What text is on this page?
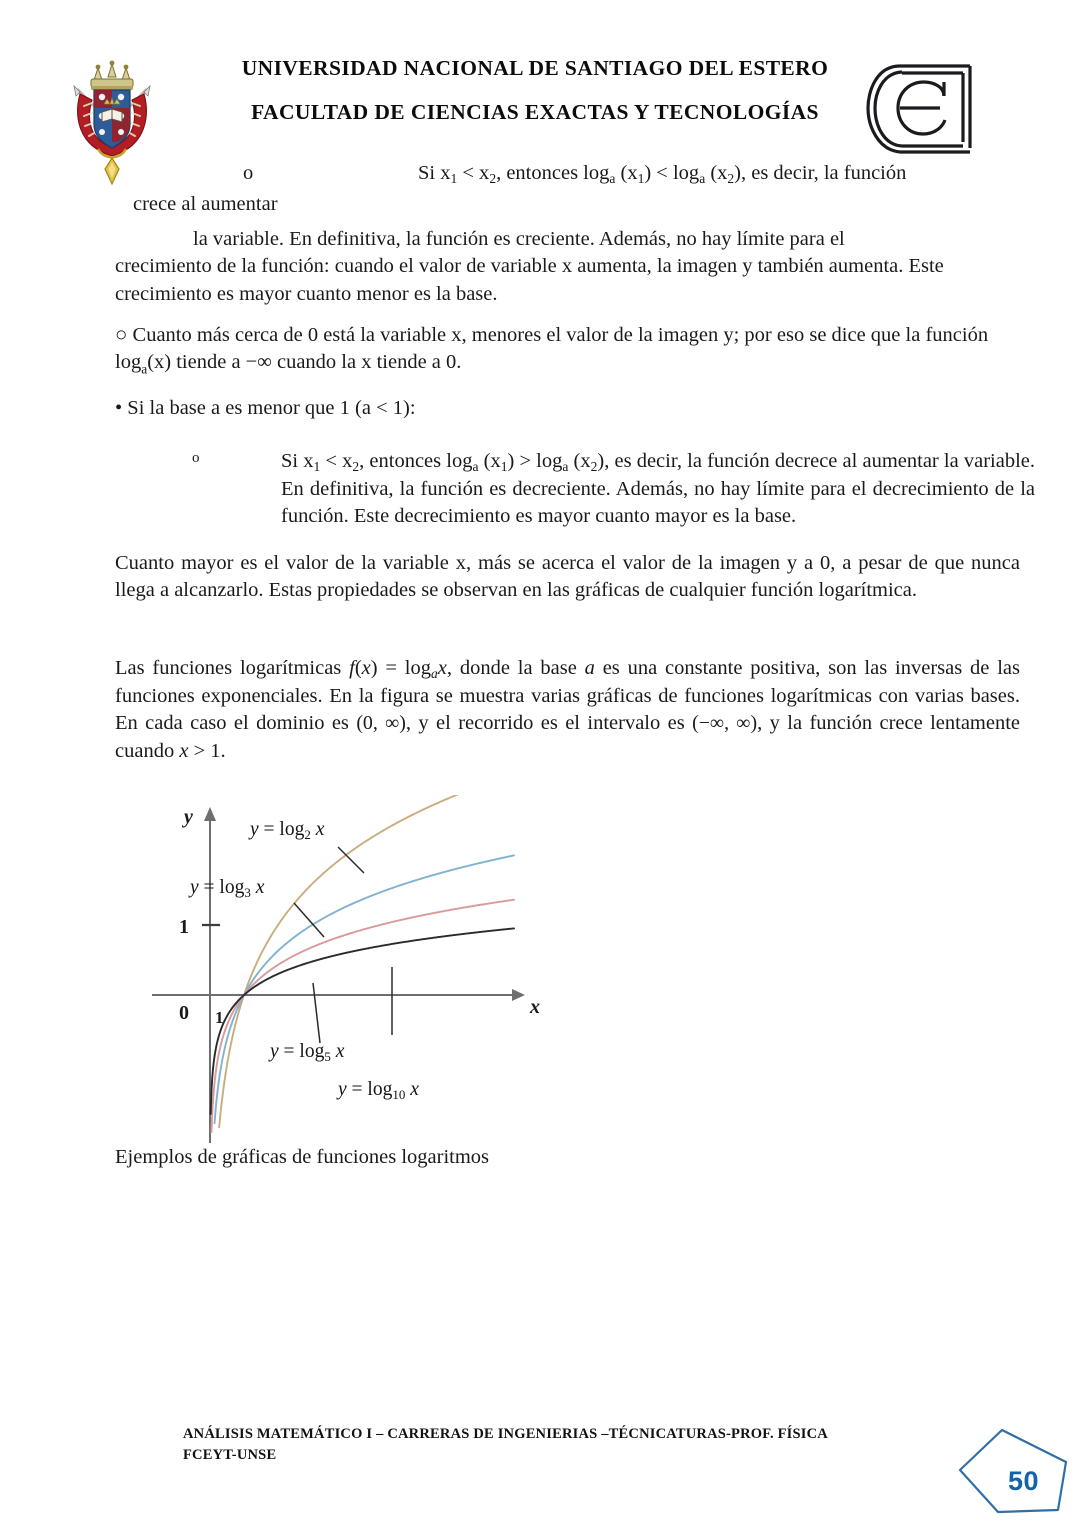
UNIVERSIDAD NACIONAL DE SANTIAGO DEL ESTERO
FACULTAD DE CIENCIAS EXACTAS Y TECNOLOGÍAS
o	Si $x_1 < x_2$, entonces $\log_a (x_1) < \log_a (x_2)$, es decir, la función
crece al aumentar
la variable. En definitiva, la función es creciente. Además, no hay límite para el crecimiento de la función: cuando el valor de variable x aumenta, la imagen y también aumenta. Este crecimiento es mayor cuanto menor es la base.
○ Cuanto más cerca de 0 está la variable x, menores el valor de la imagen y; por eso se dice que la función $\log_a(x)$ tiende a −∞ cuando la x tiende a 0.
• Si la base a es menor que 1 (a < 1):
o	Si $x_1 < x_2$, entonces $\log_a (x_1) > \log_a (x_2)$, es decir, la función decrece al aumentar la variable. En definitiva, la función es decreciente. Además, no hay límite para el decrecimiento de la función. Este decrecimiento es mayor cuanto mayor es la base.
Cuanto mayor es el valor de la variable x, más se acerca el valor de la imagen y a 0, a pesar de que nunca llega a alcanzarlo. Estas propiedades se observan en las gráficas de cualquier función logarítmica.
Las funciones logarítmicas $f(x) = \log_ax$, donde la base a es una constante positiva, son las inversas de las funciones exponenciales. En la figura se muestra varias gráficas de funciones logarítmicas con varias bases. En cada caso el dominio es (0, ∞), y el recorrido es el intervalo es (−∞, ∞), y la función crece lentamente cuando x > 1.
y
x
0
1
1
$y = \log_2 x$
$y = \log_3 x$
$y = \log_5 x$
$y = \log_{10} x$
Ejemplos de gráficas de funciones logaritmos
ANÁLISIS MATEMÁTICO I – CARRERAS DE INGENIERIAS –TÉCNICATURAS-PROF. FÍSICA
FCEYT-UNSE
50
